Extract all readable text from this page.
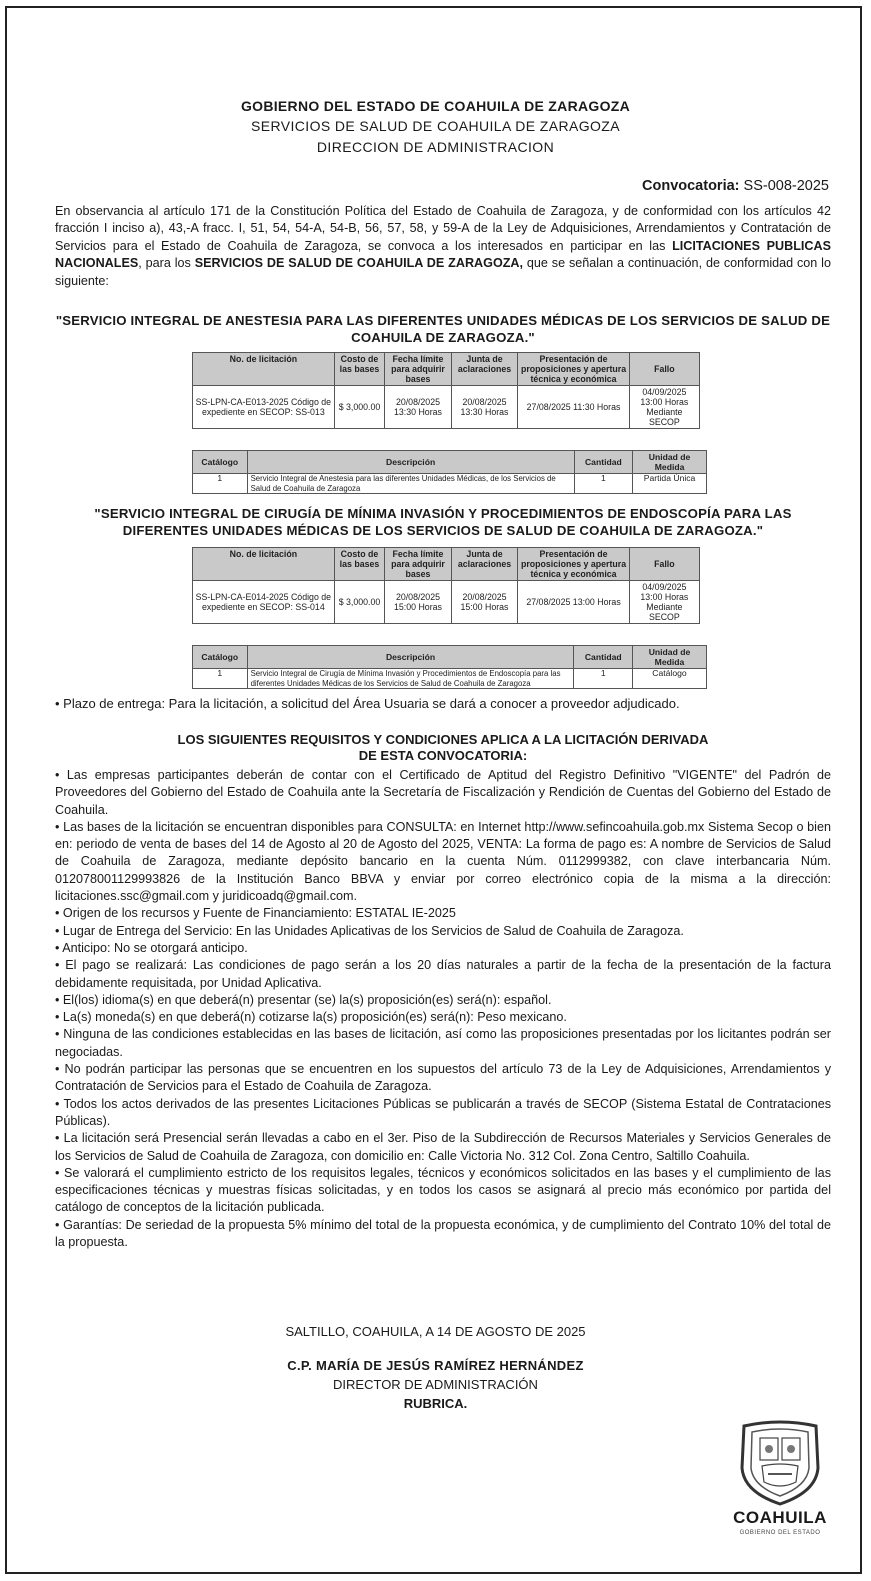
GOBIERNO DEL ESTADO DE COAHUILA DE ZARAGOZA
SERVICIOS DE SALUD DE COAHUILA DE ZARAGOZA
DIRECCION DE ADMINISTRACION
Convocatoria: SS-008-2025
En observancia al artículo 171 de la Constitución Política del Estado de Coahuila de Zaragoza, y de conformidad con los artículos 42 fracción I inciso a), 43,-A fracc. I, 51, 54, 54-A, 54-B, 56, 57, 58, y 59-A de la Ley de Adquisiciones, Arrendamientos y Contratación de Servicios para el Estado de Coahuila de Zaragoza, se convoca a los interesados en participar en las LICITACIONES PUBLICAS NACIONALES, para los SERVICIOS DE SALUD DE COAHUILA DE ZARAGOZA, que se señalan a continuación, de conformidad con lo siguiente:
"SERVICIO INTEGRAL DE ANESTESIA PARA LAS DIFERENTES UNIDADES MÉDICAS DE LOS SERVICIOS DE SALUD DE COAHUILA DE ZARAGOZA."
No. de licitación	Costo de las bases	Fecha límite para adquirir bases	Junta de aclaraciones	Presentación de proposiciones y apertura técnica y económica	Fallo
SS-LPN-CA-E013-2025 Código de expediente en SECOP: SS-013	$ 3,000.00	20/08/2025 13:30 Horas	20/08/2025 13:30 Horas	27/08/2025 11:30 Horas	04/09/2025 13:00 Horas Mediante SECOP
Catálogo	Descripción	Cantidad	Unidad de Medida
1	Servicio Integral de Anestesia para las diferentes Unidades Médicas, de los Servicios de Salud de Coahuila de Zaragoza	1	Partida Única
"SERVICIO INTEGRAL DE CIRUGÍA DE MÍNIMA INVASIÓN Y PROCEDIMIENTOS DE ENDOSCOPÍA PARA LAS DIFERENTES UNIDADES MÉDICAS DE LOS SERVICIOS DE SALUD DE COAHUILA DE ZARAGOZA."
No. de licitación	Costo de las bases	Fecha límite para adquirir bases	Junta de aclaraciones	Presentación de proposiciones y apertura técnica y económica	Fallo
SS-LPN-CA-E014-2025 Código de expediente en SECOP: SS-014	$ 3,000.00	20/08/2025 15:00 Horas	20/08/2025 15:00 Horas	27/08/2025 13:00 Horas	04/09/2025 13:00 Horas Mediante SECOP
Catálogo	Descripción	Cantidad	Unidad de Medida
1	Servicio Integral de Cirugía de Mínima Invasión y Procedimientos de Endoscopía para las diferentes Unidades Médicas de los Servicios de Salud de Coahuila de Zaragoza	1	Catálogo
• Plazo de entrega: Para la licitación, a solicitud del Área Usuaria se dará a conocer a proveedor adjudicado.
LOS SIGUIENTES REQUISITOS Y CONDICIONES APLICA A LA LICITACIÓN DERIVADA
DE ESTA CONVOCATORIA:

• Las empresas participantes deberán de contar con el Certificado de Aptitud del Registro Definitivo "VIGENTE" del Padrón de Proveedores del Gobierno del Estado de Coahuila ante la Secretaría de Fiscalización y Rendición de Cuentas del Gobierno del Estado de Coahuila.

• Las bases de la licitación se encuentran disponibles para CONSULTA: en Internet http://www.sefincoahuila.gob.mx Sistema Secop o bien en: periodo de venta de bases del 14 de Agosto al 20 de Agosto del 2025, VENTA: La forma de pago es: A nombre de Servicios de Salud de Coahuila de Zaragoza, mediante depósito bancario en la cuenta Núm. 0112999382, con clave interbancaria Núm. 012078001129993826 de la Institución Banco BBVA y enviar por correo electrónico copia de la misma a la dirección: licitaciones.ssc@gmail.com y juridicoadq@gmail.com.

• Origen de los recursos y Fuente de Financiamiento: ESTATAL IE-2025

• Lugar de Entrega del Servicio: En las Unidades Aplicativas de los Servicios de Salud de Coahuila de Zaragoza.

• Anticipo: No se otorgará anticipo.

• El pago se realizará: Las condiciones de pago serán a los 20 días naturales a partir de la fecha de la presentación de la factura debidamente requisitada, por Unidad Aplicativa.

• El(los) idioma(s) en que deberá(n) presentar (se) la(s) proposición(es) será(n): español.

• La(s) moneda(s) en que deberá(n) cotizarse la(s) proposición(es) será(n): Peso mexicano.

• Ninguna de las condiciones establecidas en las bases de licitación, así como las proposiciones presentadas por los licitantes podrán ser negociadas.

• No podrán participar las personas que se encuentren en los supuestos del artículo 73 de la Ley de Adquisiciones, Arrendamientos y Contratación de Servicios para el Estado de Coahuila de Zaragoza.

• Todos los actos derivados de las presentes Licitaciones Públicas se publicarán a través de SECOP (Sistema Estatal de Contrataciones Públicas).

• La licitación será Presencial serán llevadas a cabo en el 3er. Piso de la Subdirección de Recursos Materiales y Servicios Generales de los Servicios de Salud de Coahuila de Zaragoza, con domicilio en: Calle Victoria No. 312 Col. Zona Centro, Saltillo Coahuila.

• Se valorará el cumplimiento estricto de los requisitos legales, técnicos y económicos solicitados en las bases y el cumplimiento de las especificaciones técnicas y muestras físicas solicitadas, y en todos los casos se asignará al precio más económico por partida del catálogo de conceptos de la licitación publicada.

• Garantías: De seriedad de la propuesta 5% mínimo del total de la propuesta económica, y de cumplimiento del Contrato 10% del total de la propuesta.

SALTILLO, COAHUILA, A 14 DE AGOSTO DE 2025
C.P. MARÍA DE JESÚS RAMÍREZ HERNÁNDEZ
DIRECTOR DE ADMINISTRACIÓN
RUBRICA.
COAHUILA
GOBIERNO DEL ESTADO
